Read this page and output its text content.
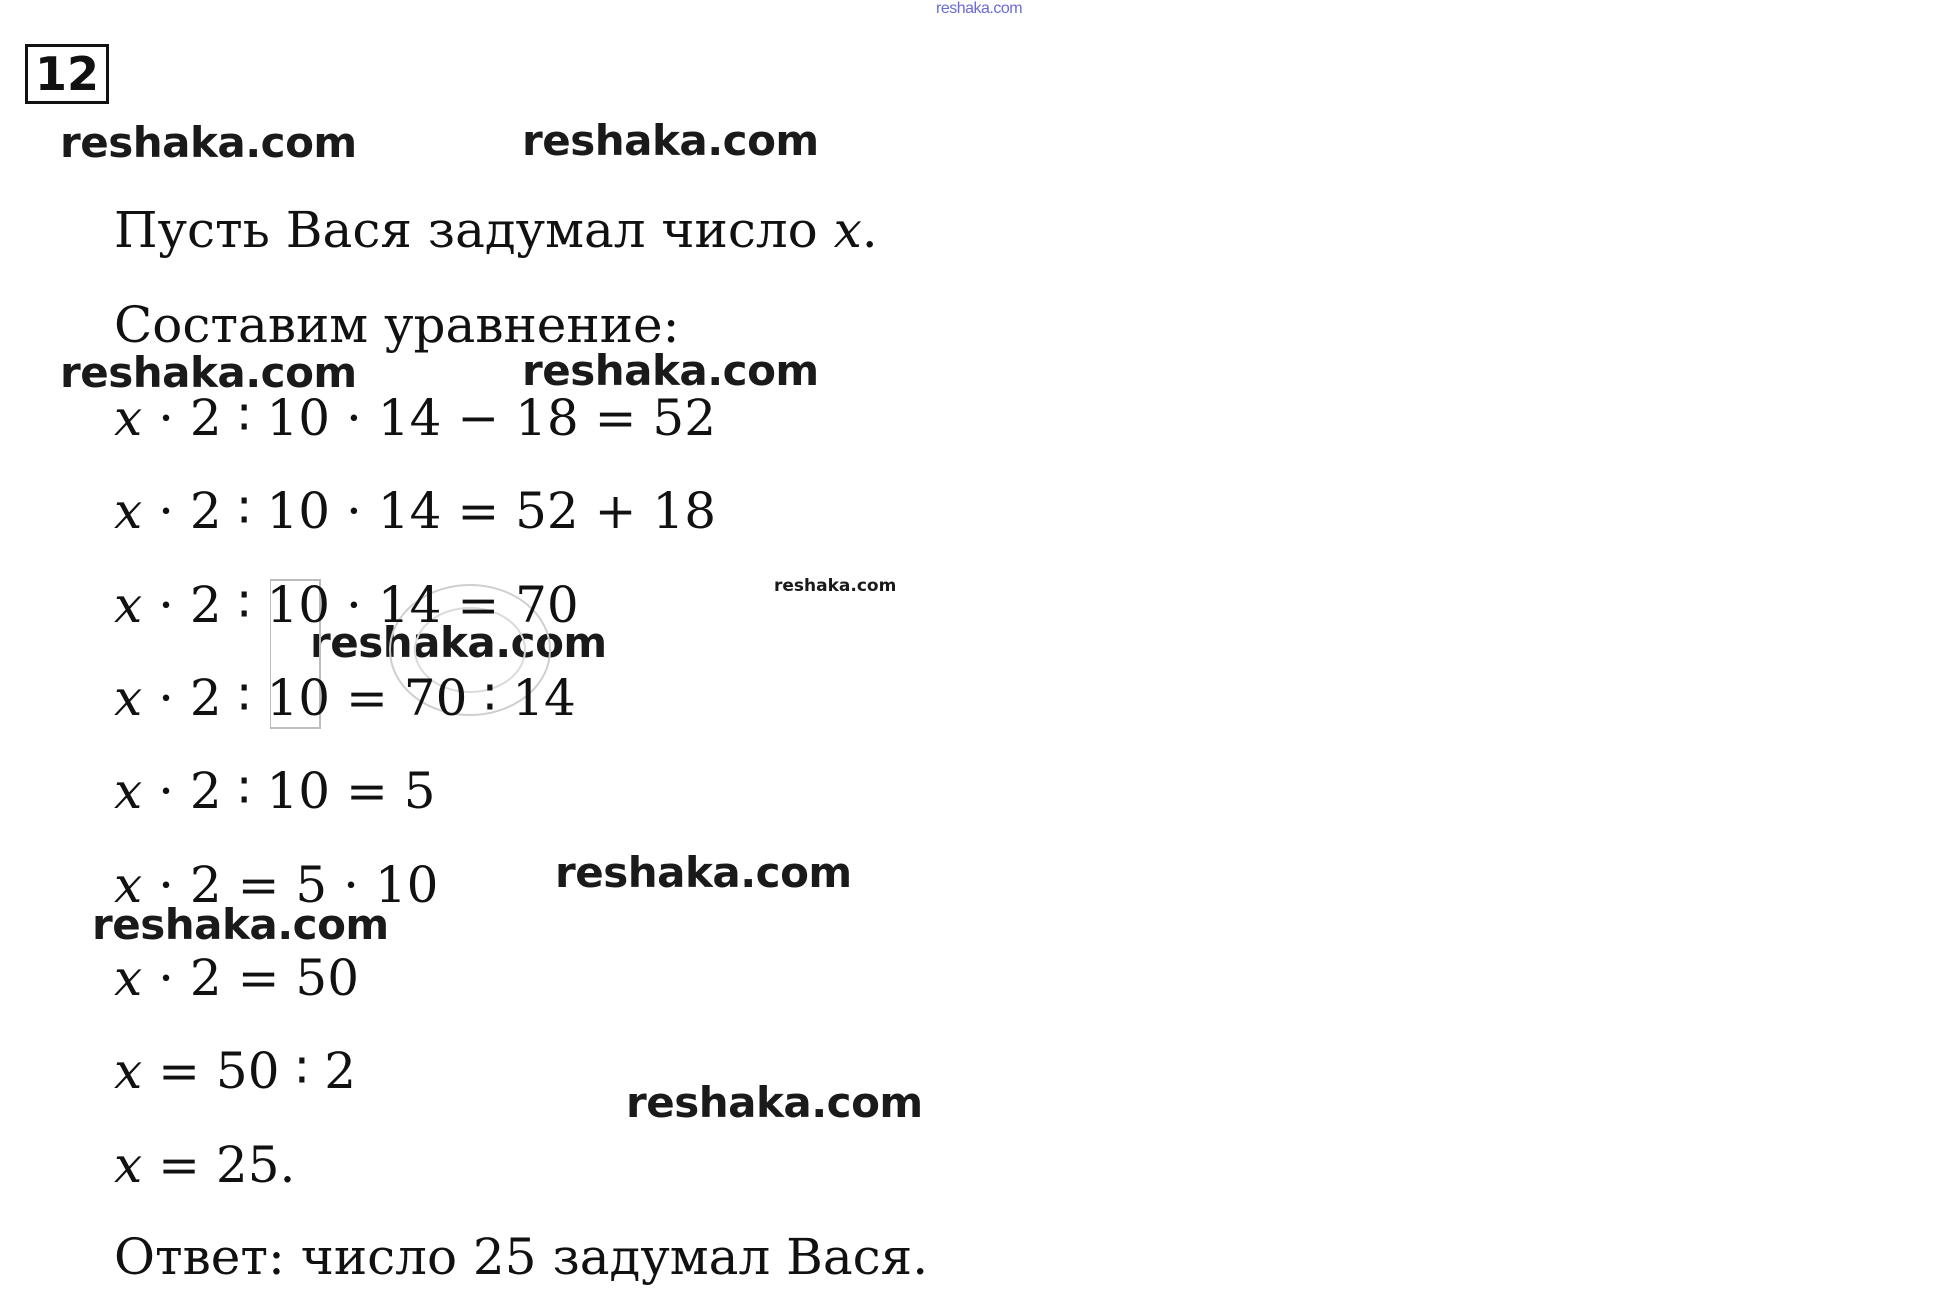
reshaka.com
12
reshaka.com	reshaka.com
reshaka.com	reshaka.com
reshaka.com
reshaka.com
reshaka.com
reshaka.com
reshaka.com
Пусть Вася задумал число x.
Составим уравнение:
x · 2 ∶ 10 · 14 − 18 = 52
x · 2 ∶ 10 · 14 = 52 + 18
x · 2 ∶ 10 · 14 = 70
x · 2 ∶ 10 = 70 ∶ 14
x · 2 ∶ 10 = 5
x · 2 = 5 · 10
x · 2 = 50
x = 50 ∶ 2
x = 25.
Ответ: число 25 задумал Вася.
